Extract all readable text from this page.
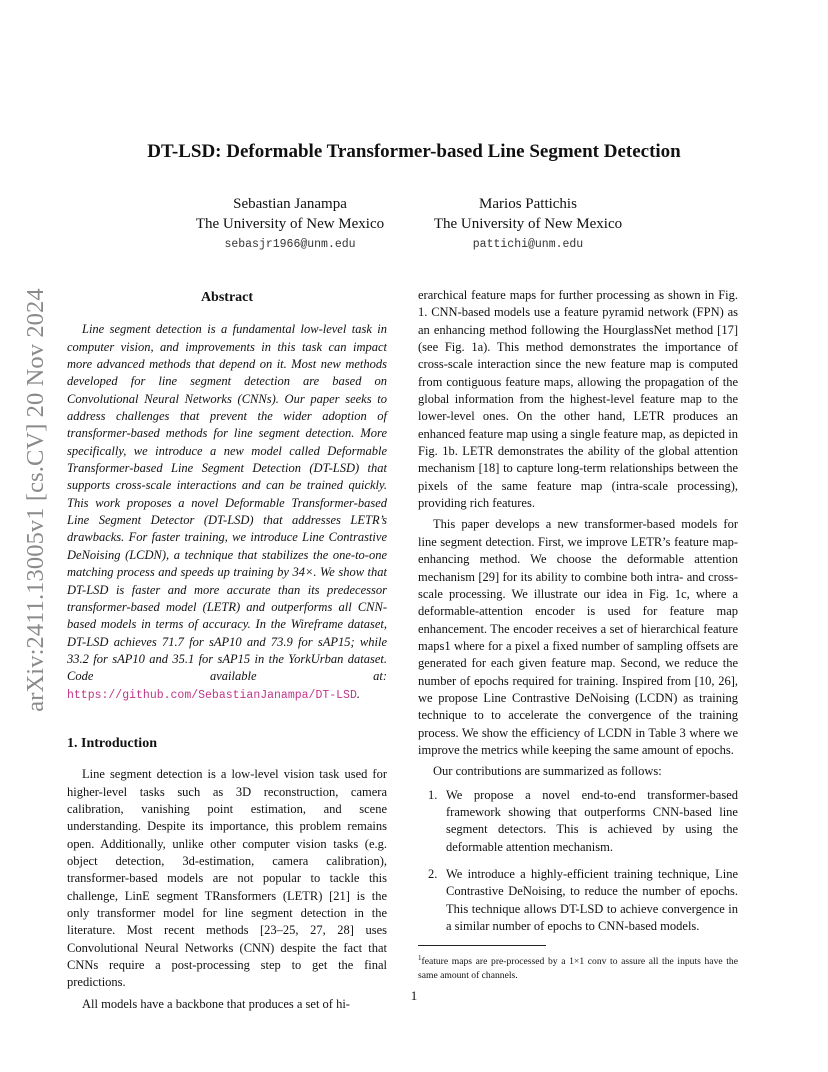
arXiv:2411.13005v1 [cs.CV] 20 Nov 2024
DT-LSD: Deformable Transformer-based Line Segment Detection
Sebastian Janampa
The University of New Mexico
sebasjr1966@unm.edu
Marios Pattichis
The University of New Mexico
pattichi@unm.edu
Abstract

Line segment detection is a fundamental low-level task in computer vision, and improvements in this task can impact more advanced methods that depend on it. Most new methods developed for line segment detection are based on Convolutional Neural Networks (CNNs). Our paper seeks to address challenges that prevent the wider adoption of transformer-based methods for line segment detection. More specifically, we introduce a new model called Deformable Transformer-based Line Segment Detection (DT-LSD) that supports cross-scale interactions and can be trained quickly. This work proposes a novel Deformable Transformer-based Line Segment Detector (DT-LSD) that addresses LETR’s drawbacks. For faster training, we introduce Line Contrastive DeNoising (LCDN), a technique that stabilizes the one-to-one matching process and speeds up training by 34×. We show that DT-LSD is faster and more accurate than its predecessor transformer-based model (LETR) and outperforms all CNN-based models in terms of accuracy. In the Wireframe dataset, DT-LSD achieves 71.7 for sAP10 and 73.9 for sAP15; while 33.2 for sAP10 and 35.1 for sAP15 in the YorkUrban dataset. Code available at: https://github.com/SebastianJanampa/DT-LSD.

1. Introduction

Line segment detection is a low-level vision task used for higher-level tasks such as 3D reconstruction, camera calibration, vanishing point estimation, and scene understanding. Despite its importance, this problem remains open. Additionally, unlike other computer vision tasks (e.g. object detection, 3d-estimation, camera calibration), transformer-based models are not popular to tackle this challenge, LinE segment TRansformers (LETR) [21] is the only transformer model for line segment detection in the literature. Most recent methods [23–25, 27, 28] uses Convolutional Neural Networks (CNN) despite the fact that CNNs require a post-processing step to get the final predictions.

All models have a backbone that produces a set of hi-

erarchical feature maps for further processing as shown in Fig. 1. CNN-based models use a feature pyramid network (FPN) as an enhancing method following the HourglassNet method [17] (see Fig. 1a). This method demonstrates the importance of cross-scale interaction since the new feature map is computed from contiguous feature maps, allowing the propagation of the global information from the highest-level feature map to the lower-level ones. On the other hand, LETR produces an enhanced feature map using a single feature map, as depicted in Fig. 1b. LETR demonstrates the ability of the global attention mechanism [18] to capture long-term relationships between the pixels of the same feature map (intra-scale processing), providing rich features.

This paper develops a new transformer-based models for line segment detection. First, we improve LETR’s feature map-enhancing method. We choose the deformable attention mechanism [29] for its ability to combine both intra- and cross-scale processing. We illustrate our idea in Fig. 1c, where a deformable-attention encoder is used for feature map enhancement. The encoder receives a set of hierarchical feature maps1 where for a pixel a fixed number of sampling offsets are generated for each given feature map. Second, we reduce the number of epochs required for training. Inspired from [10, 26], we propose Line Contrastive DeNoising (LCDN) as training technique to to accelerate the convergence of the training process. We show the efficiency of LCDN in Table 3 where we improve the metrics while keeping the same amount of epochs.

Our contributions are summarized as follows:

1. We propose a novel end-to-end transformer-based framework showing that outperforms CNN-based line segment detectors. This is achieved by using the deformable attention mechanism.
2. We introduce a highly-efficient training technique, Line Contrastive DeNoising, to reduce the number of epochs. This technique allows DT-LSD to achieve convergence in a similar number of epochs to CNN-based models.
$^1$feature maps are pre-processed by a 1×1 conv to assure all the inputs have the same amount of channels.
1
